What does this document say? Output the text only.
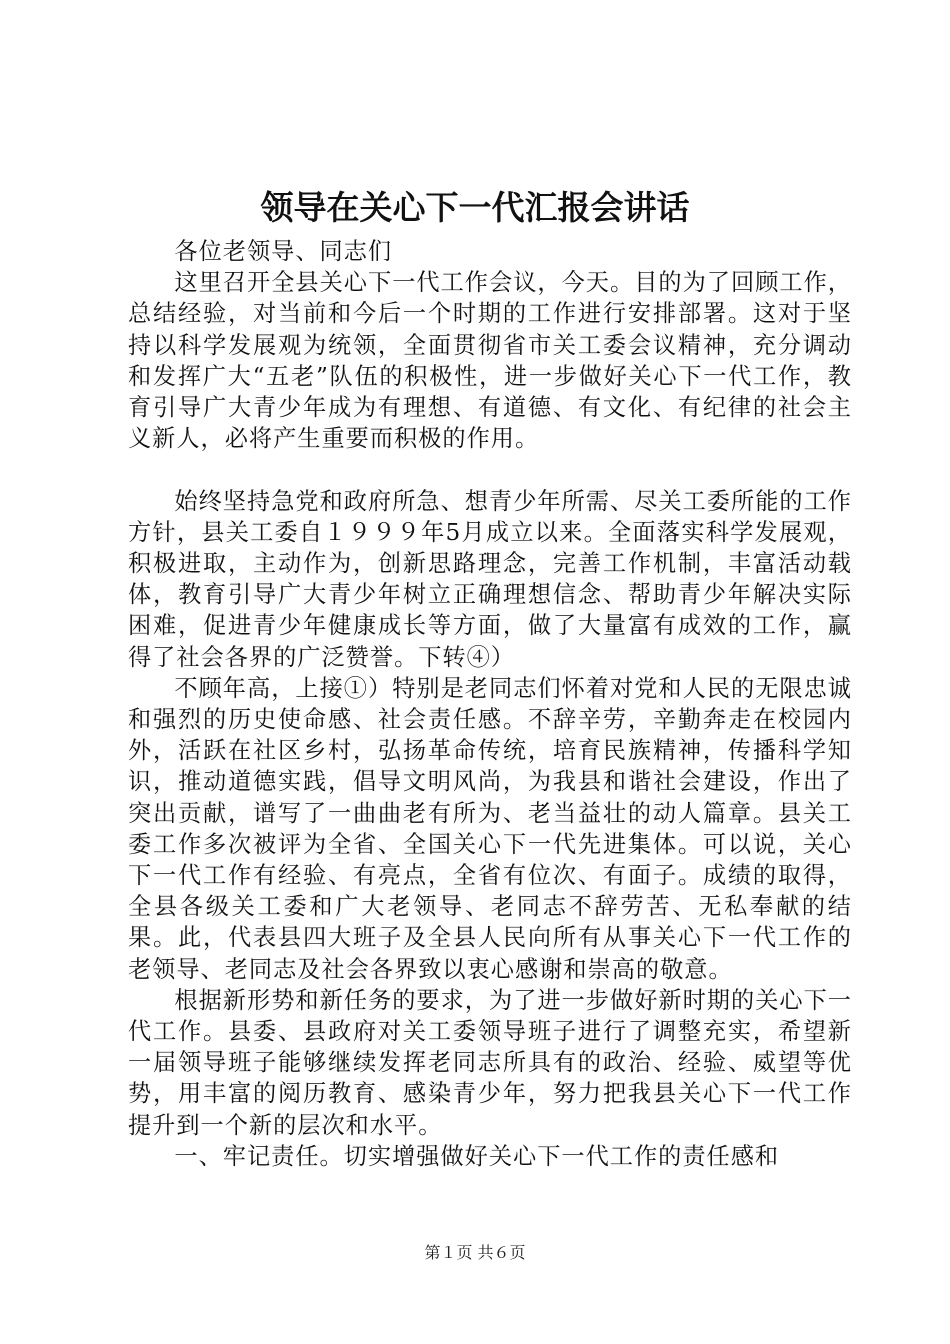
领导在关心下一代汇报会讲话

各位老领导、同志们

这里召开全县关心下一代工作会议，今天。目的为了回顾工作，总结经验，对当前和今后一个时期的工作进行安排部署。这对于坚持以科学发展观为统领，全面贯彻省市关工委会议精神，充分调动和发挥广大“五老”队伍的积极性，进一步做好关心下一代工作，教育引导广大青少年成为有理想、有道德、有文化、有纪律的社会主义新人，必将产生重要而积极的作用。

始终坚持急党和政府所急、想青少年所需、尽关工委所能的工作方针，县关工委自１９９９年5月成立以来。全面落实科学发展观，积极进取，主动作为，创新思路理念，完善工作机制，丰富活动载体，教育引导广大青少年树立正确理想信念、帮助青少年解决实际困难，促进青少年健康成长等方面，做了大量富有成效的工作，赢得了社会各界的广泛赞誉。下转④）

不顾年高，上接①）特别是老同志们怀着对党和人民的无限忠诚和强烈的历史使命感、社会责任感。不辞辛劳，辛勤奔走在校园内外，活跃在社区乡村，弘扬革命传统，培育民族精神，传播科学知识，推动道德实践，倡导文明风尚，为我县和谐社会建设，作出了突出贡献，谱写了一曲曲老有所为、老当益壮的动人篇章。县关工委工作多次被评为全省、全国关心下一代先进集体。可以说，关心下一代工作有经验、有亮点，全省有位次、有面子。成绩的取得，全县各级关工委和广大老领导、老同志不辞劳苦、无私奉献的结果。此，代表县四大班子及全县人民向所有从事关心下一代工作的老领导、老同志及社会各界致以衷心感谢和崇高的敬意。

根据新形势和新任务的要求，为了进一步做好新时期的关心下一代工作。县委、县政府对关工委领导班子进行了调整充实，希望新一届领导班子能够继续发挥老同志所具有的政治、经验、威望等优势，用丰富的阅历教育、感染青少年，努力把我县关心下一代工作提升到一个新的层次和水平。

一、牢记责任。切实增强做好关心下一代工作的责任感和

第１页 共６页
